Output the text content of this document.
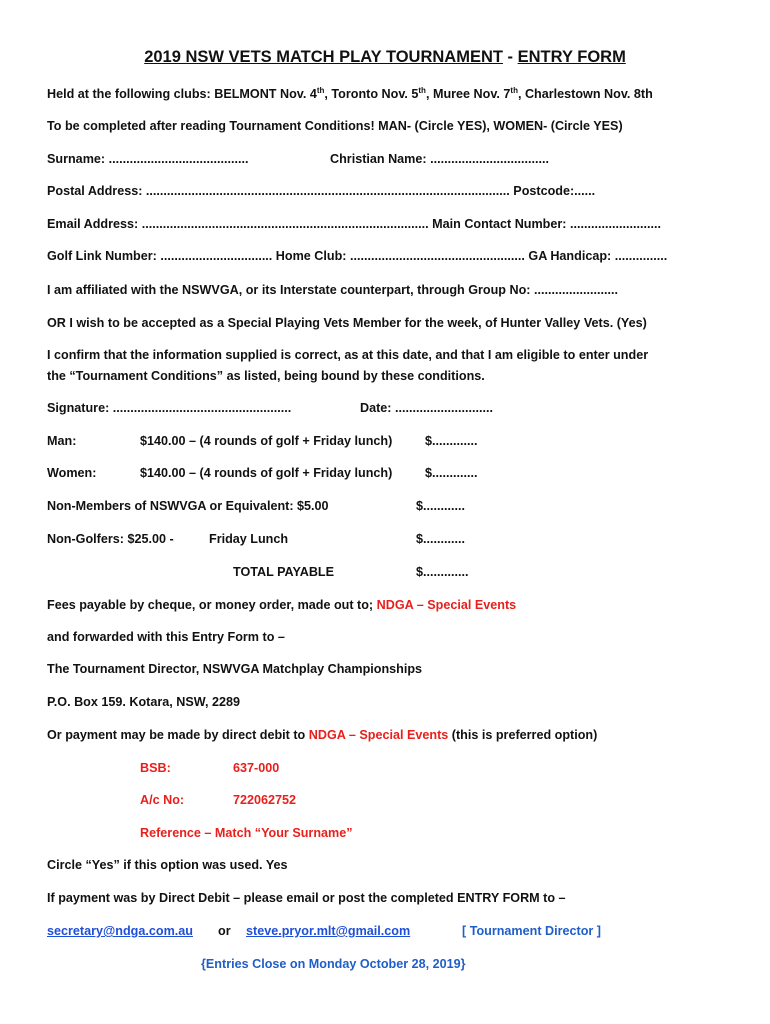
2019 NSW VETS MATCH PLAY TOURNAMENT - ENTRY FORM
Held at the following clubs: BELMONT Nov. 4th, Toronto Nov. 5th, Muree Nov. 7th, Charlestown Nov. 8th
To be completed after reading Tournament Conditions! MAN- (Circle YES), WOMEN- (Circle YES)
Surname: ........................................	Christian Name: ..................................
Postal Address: ........................................................................................................ Postcode:......
Email Address: .................................................................................. Main Contact Number: ..........................
Golf Link Number: ................................ Home Club: .................................................. GA Handicap: ...............
I am affiliated with the NSWVGA, or its Interstate counterpart, through Group No: ........................
OR I wish to be accepted as a Special Playing Vets Member for the week, of Hunter Valley Vets. (Yes)
I confirm that the information supplied is correct, as at this date, and that I am eligible to enter under
the “Tournament Conditions” as listed, being bound by these conditions.
Signature: ...................................................	Date: ............................
Man:	$140.00 – (4 rounds of golf + Friday lunch)	$.............
Women:	$140.00 – (4 rounds of golf + Friday lunch)	$.............
Non-Members of NSWVGA or Equivalent: $5.00	$............
Non-Golfers: $25.00 -	Friday Lunch	$............
TOTAL PAYABLE	$.............
Fees payable by cheque, or money order, made out to; NDGA – Special Events
and forwarded with this Entry Form to –
The Tournament Director, NSWVGA Matchplay Championships
P.O. Box 159. Kotara, NSW, 2289
Or payment may be made by direct debit to NDGA – Special Events (this is preferred option)
BSB:	637-000
A/c No:	722062752
Reference – Match “Your Surname”
Circle “Yes” if this option was used. Yes
If payment was by Direct Debit – please email or post the completed ENTRY FORM to –
secretary@ndga.com.au or steve.pryor.mlt@gmail.com	[ Tournament Director ]
{Entries Close on Monday October 28, 2019}
